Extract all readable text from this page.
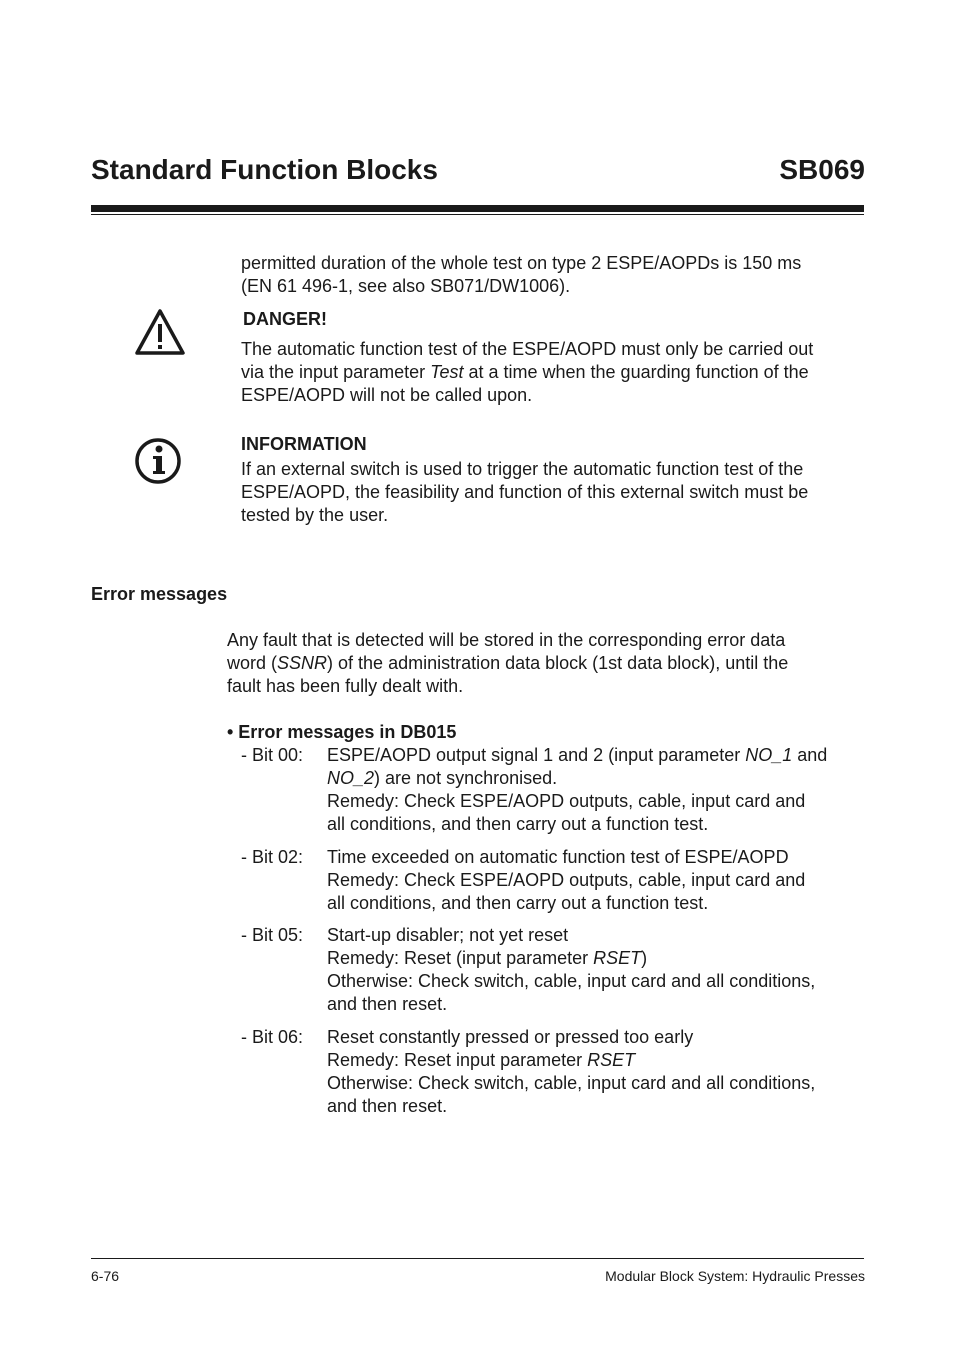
Standard Function Blocks	SB069
permitted duration of the whole test on type 2 ESPE/AOPDs is 150 ms
(EN 61 496-1, see also SB071/DW1006).
DANGER!
The automatic function test of the ESPE/AOPD must only be carried out
via the input parameter Test at a time when the guarding function of the
ESPE/AOPD will not be called upon.
INFORMATION
If an external switch is used to trigger the automatic function test of the
ESPE/AOPD, the feasibility and function of this external switch must be
tested by the user.
Error messages
Any fault that is detected will be stored in the corresponding error data
word (SSNR) of the administration data block (1st data block), until the
fault has been fully dealt with.
• Error messages in DB015
- Bit 00: ESPE/AOPD output signal 1 and 2 (input parameter NO_1 and
NO_2) are not synchronised.
Remedy: Check ESPE/AOPD outputs, cable, input card and
all conditions, and then carry out a function test.
- Bit 02: Time exceeded on automatic function test of ESPE/AOPD
Remedy: Check ESPE/AOPD outputs, cable, input card and
all conditions, and then carry out a function test.
- Bit 05: Start-up disabler; not yet reset
Remedy: Reset (input parameter RSET)
Otherwise: Check switch, cable, input card and all conditions,
and then reset.
- Bit 06: Reset constantly pressed or pressed too early
Remedy: Reset input parameter RSET
Otherwise: Check switch, cable, input card and all conditions,
and then reset.
6-76	Modular Block System: Hydraulic Presses
